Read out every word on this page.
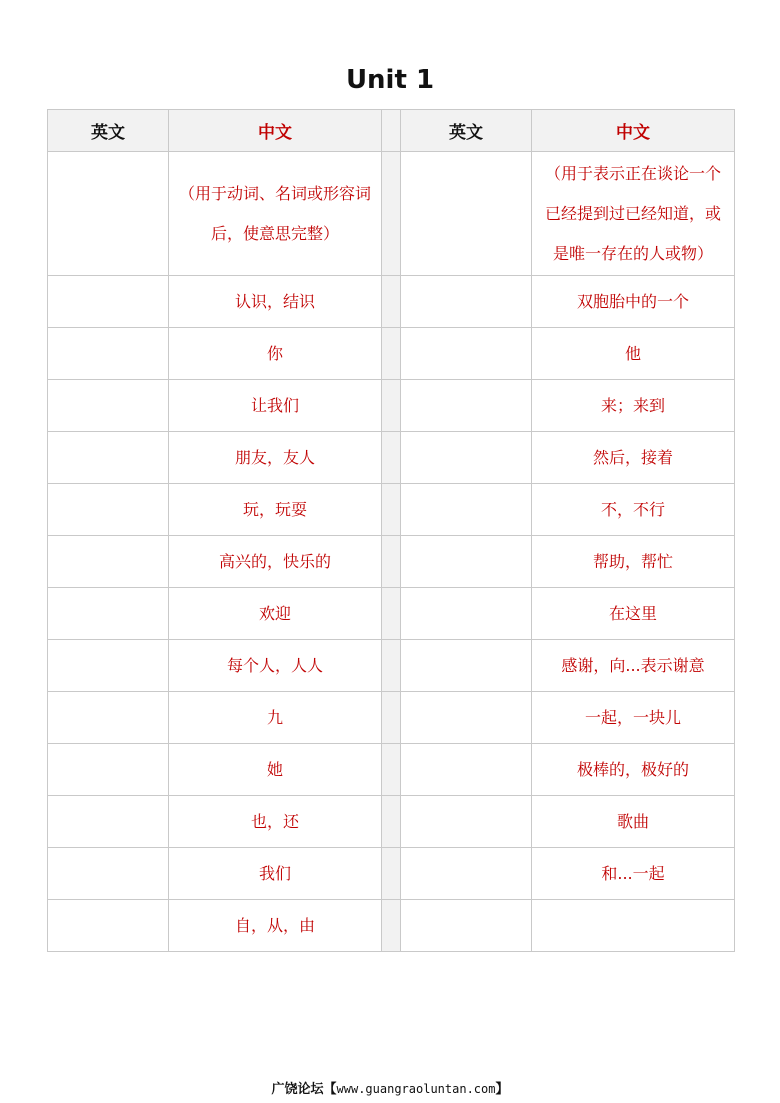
Unit 1
英文	中文		英文	中文
	（用于动词、名词或形容词后，使意思完整）			（用于表示正在谈论一个已经提到过已经知道，或是唯一存在的人或物）
	认识，结识			双胞胎中的一个
	你			他
	让我们			来；来到
	朋友，友人			然后，接着
	玩，玩耍			不，不行
	高兴的，快乐的			帮助，帮忙
	欢迎			在这里
	每个人，人人			感谢，向...表示谢意
	九			一起，一块儿
	她			极棒的，极好的
	也，还			歌曲
	我们			和...一起
	自，从，由			
广饶论坛【www.guangraoluntan.com】
